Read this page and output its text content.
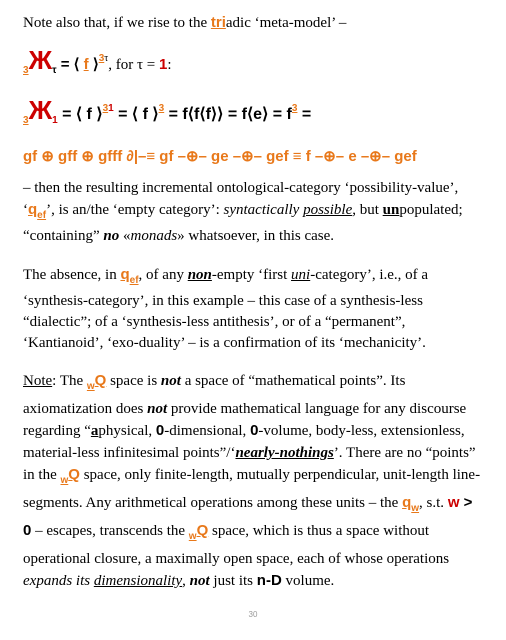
Note also that, if we rise to the triadic ‘meta-model’ –
$_3Ж_\tau$ = ⟨ f ⟩$^{3\tau}$, for τ = 1:
$_3Ж_1$ = ⟨ f ⟩$^{31}$ = ⟨ f ⟩$^3$ = f⟨f⟨f⟩⟩ = f⟨e⟩ = $f^3$ =
gf ⊕ gff ⊕ gfff ∂|–≡ gf –⊕– ge –⊕– gef ≡ f –⊕– e –⊕– gef
– then the resulting incremental ontological-category ‘possibility-value’, ‘$q_{ef}$’, is an/the ‘empty category’: syntactically possible, but unpopulated; “containing” no «monads» whatsoever, in this case.
The absence, in $q_{ef}$, of any non-empty ‘first uni-category’, i.e., of a ‘synthesis-category’, in this example – this case of a synthesis-less “dialectic”; of a ‘synthesis-less antithesis’, or of a “permanent”, ‘Kantianoid’, ‘exo-duality’ – is a confirmation of its ‘mechanicity’.
Note: The $_w$Q space is not a space of “mathematical points”. Its axiomatization does not provide mathematical language for any discourse regarding “aphysical, 0-dimensional, 0-volume, body-less, extensionless, material-less infinitesimal points”/‘nearly-nothings’. There are no “points” in the $_w$Q space, only finite-length, mutually perpendicular, unit-length line-segments. Any arithmetical operations among these units – the $q_w$, s.t. w > 0 – escapes, transcends the $_w$Q space, which is thus a space without operational closure, a maximally open space, each of whose operations expands its dimensionality, not just its n-D volume.
30
